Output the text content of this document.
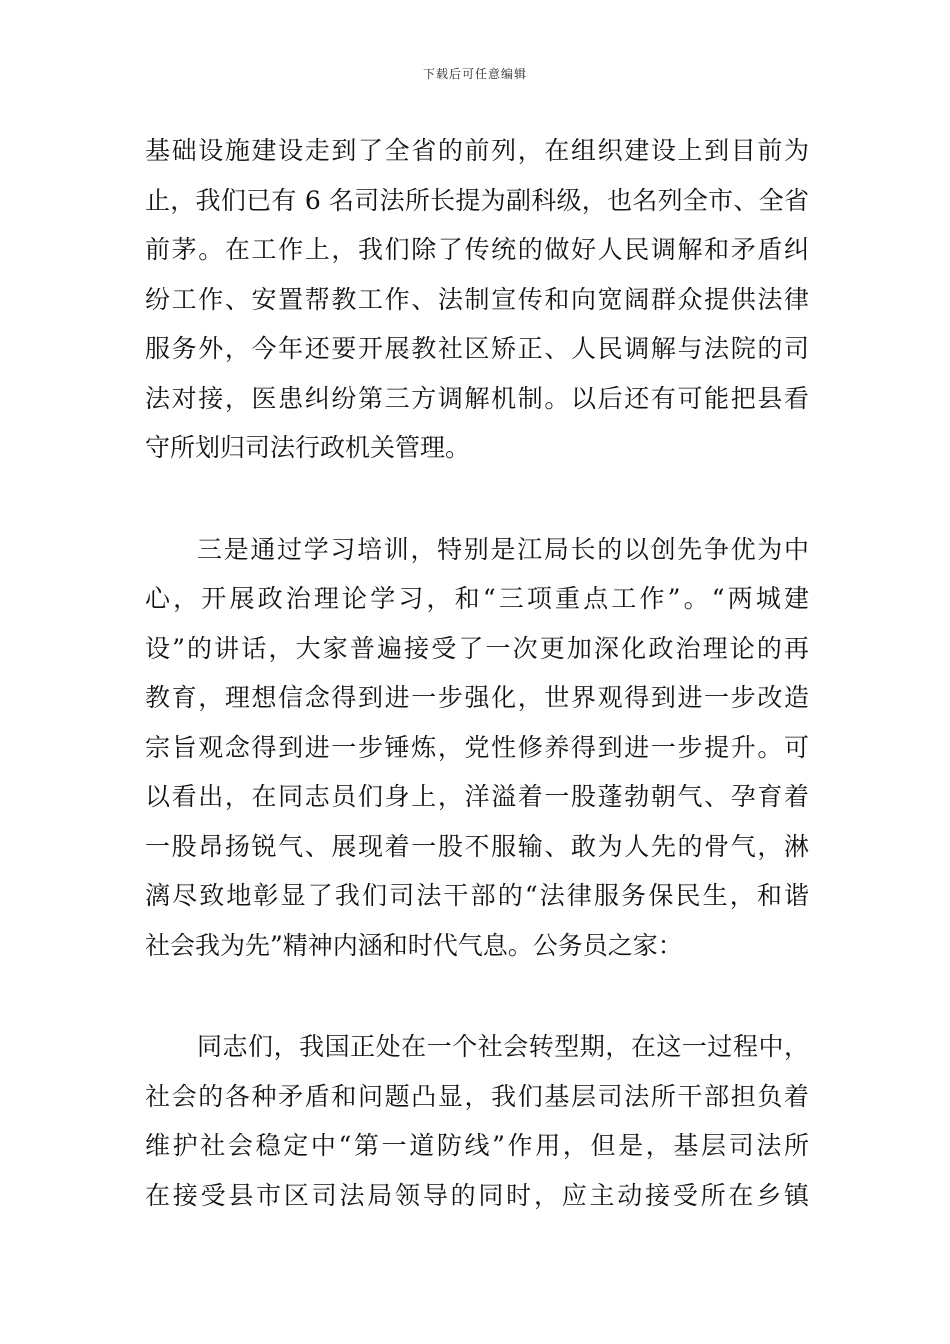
下载后可任意编辑
基础设施建设走到了全省的前列，在组织建设上到目前为
止，我们已有 6 名司法所长提为副科级，也名列全市、全省
前茅。在工作上，我们除了传统的做好人民调解和矛盾纠
纷工作、安置帮教工作、法制宣传和向宽阔群众提供法律
服务外，今年还要开展教社区矫正、人民调解与法院的司
法对接，医患纠纷第三方调解机制。以后还有可能把县看
守所划归司法行政机关管理。
三是通过学习培训，特别是江局长的以创先争优为中
心，开展政治理论学习，和“三项重点工作”。“两城建
设”的讲话，大家普遍接受了一次更加深化政治理论的再
教育，理想信念得到进一步强化，世界观得到进一步改造
宗旨观念得到进一步锤炼，党性修养得到进一步提升。可
以看出，在同志员们身上，洋溢着一股蓬勃朝气、孕育着
一股昂扬锐气、展现着一股不服输、敢为人先的骨气，淋
漓尽致地彰显了我们司法干部的“法律服务保民生，和谐
社会我为先”精神内涵和时代气息。公务员之家：
同志们，我国正处在一个社会转型期，在这一过程中，
社会的各种矛盾和问题凸显，我们基层司法所干部担负着
维护社会稳定中“第一道防线”作用，但是，基层司法所
在接受县市区司法局领导的同时，应主动接受所在乡镇
